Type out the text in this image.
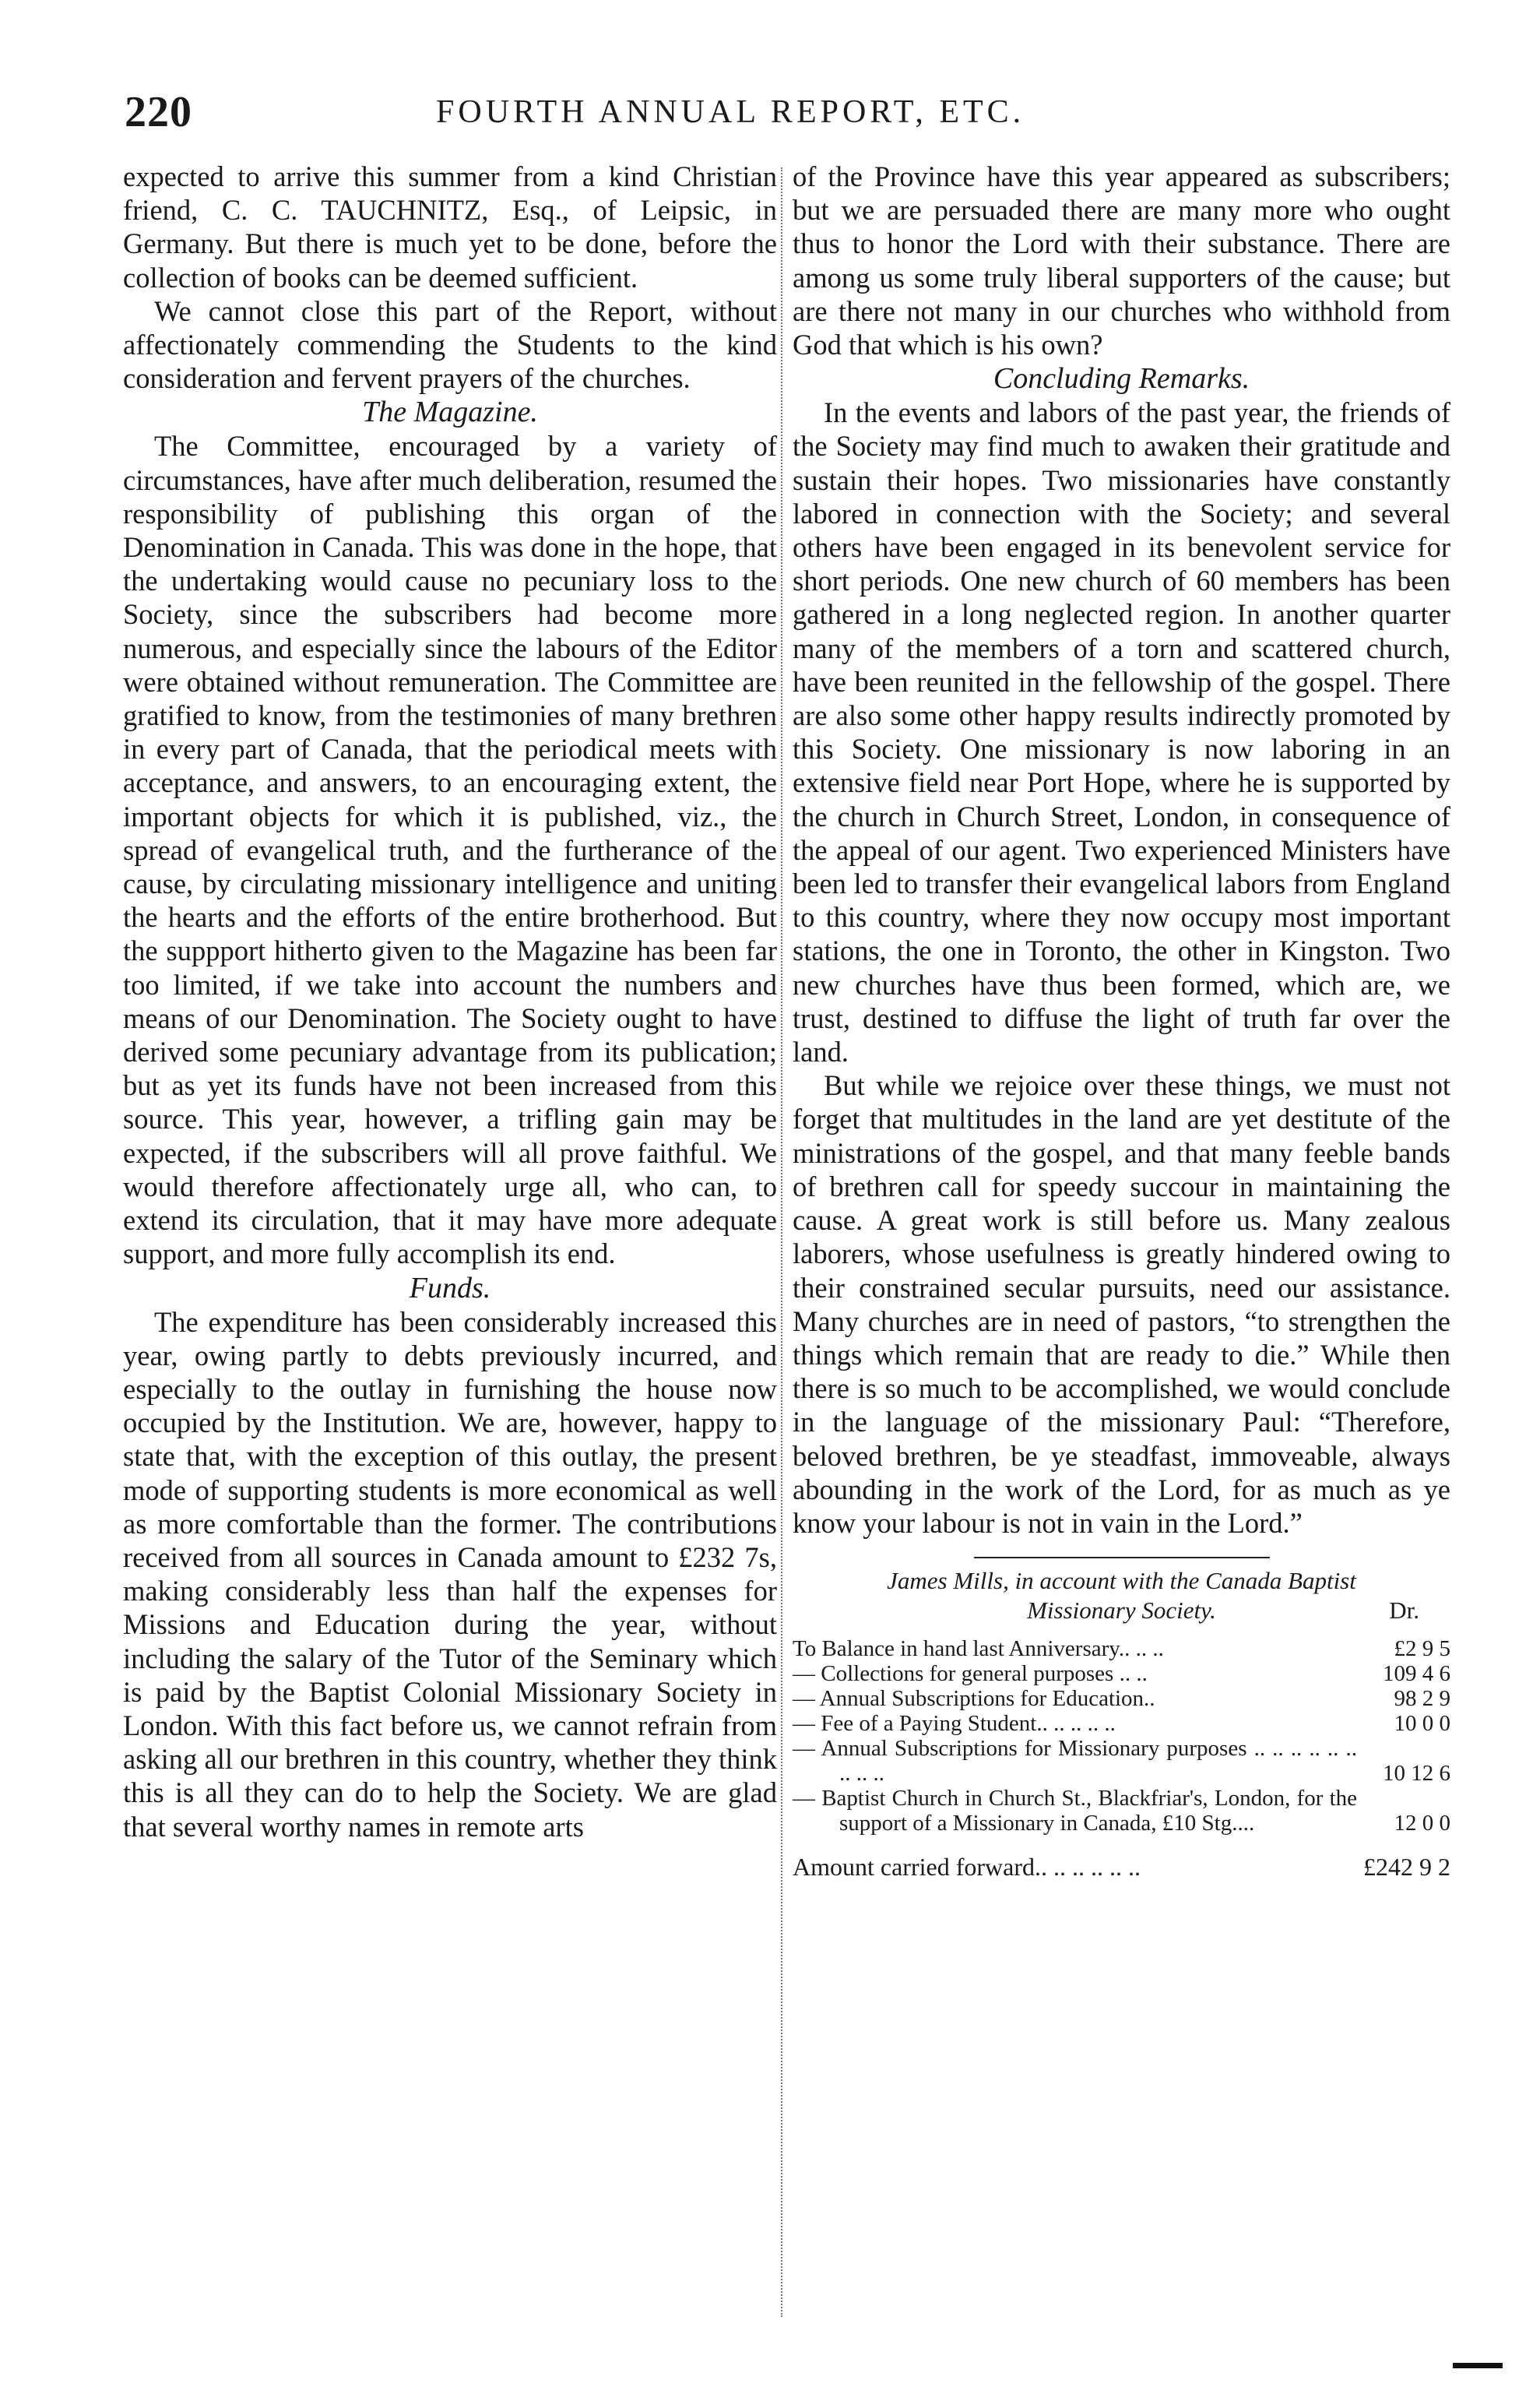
220	FOURTH ANNUAL REPORT, ETC.

expected to arrive this summer from a kind Christian friend, C. C. TAUCHNITZ, Esq., of Leipsic, in Germany. But there is much yet to be done, before the collection of books can be deemed sufficient.

We cannot close this part of the Report, without affectionately commending the Students to the kind consideration and fervent prayers of the churches.

The Magazine.

The Committee, encouraged by a variety of circumstances, have after much deliberation, resumed the responsibility of publishing this organ of the Denomination in Canada. This was done in the hope, that the undertaking would cause no pecuniary loss to the Society, since the subscribers had become more numerous, and especially since the labours of the Editor were obtained without remuneration. The Committee are gratified to know, from the testimonies of many brethren in every part of Canada, that the periodical meets with acceptance, and answers, to an encouraging extent, the important objects for which it is published, viz., the spread of evangelical truth, and the furtherance of the cause, by circulating missionary intelligence and uniting the hearts and the efforts of the entire brotherhood. But the suppport hitherto given to the Magazine has been far too limited, if we take into account the numbers and means of our Denomination. The Society ought to have derived some pecuniary advantage from its publication; but as yet its funds have not been increased from this source. This year, however, a trifling gain may be expected, if the subscribers will all prove faithful. We would therefore affectionately urge all, who can, to extend its circulation, that it may have more adequate support, and more fully accomplish its end.

Funds.

The expenditure has been considerably increased this year, owing partly to debts previously incurred, and especially to the outlay in furnishing the house now occupied by the Institution. We are, however, happy to state that, with the exception of this outlay, the present mode of supporting students is more economical as well as more comfortable than the former. The contributions received from all sources in Canada amount to £232 7s, making considerably less than half the expenses for Missions and Education during the year, without including the salary of the Tutor of the Seminary which is paid by the Baptist Colonial Missionary Society in London. With this fact before us, we cannot refrain from asking all our brethren in this country, whether they think this is all they can do to help the Society. We are glad that several worthy names in remote arts

of the Province have this year appeared as subscribers; but we are persuaded there are many more who ought thus to honor the Lord with their substance. There are among us some truly liberal supporters of the cause; but are there not many in our churches who withhold from God that which is his own?

Concluding Remarks.

In the events and labors of the past year, the friends of the Society may find much to awaken their gratitude and sustain their hopes. Two missionaries have constantly labored in connection with the Society; and several others have been engaged in its benevolent service for short periods. One new church of 60 members has been gathered in a long neglected region. In another quarter many of the members of a torn and scattered church, have been reunited in the fellowship of the gospel. There are also some other happy results indirectly promoted by this Society. One missionary is now laboring in an extensive field near Port Hope, where he is supported by the church in Church Street, London, in consequence of the appeal of our agent. Two experienced Ministers have been led to transfer their evangelical labors from England to this country, where they now occupy most important stations, the one in Toronto, the other in Kingston. Two new churches have thus been formed, which are, we trust, destined to diffuse the light of truth far over the land.

But while we rejoice over these things, we must not forget that multitudes in the land are yet destitute of the ministrations of the gospel, and that many feeble bands of brethren call for speedy succour in maintaining the cause. A great work is still before us. Many zealous laborers, whose usefulness is greatly hindered owing to their constrained secular pursuits, need our assistance. Many churches are in need of pastors, “to strengthen the things which remain that are ready to die.” While then there is so much to be accomplished, we would conclude in the language of the missionary Paul: “Therefore, beloved brethren, be ye steadfast, immoveable, always abounding in the work of the Lord, for as much as ye know your labour is not in vain in the Lord.”

James Mills, in account with the Canada Baptist
Missionary Society.	Dr.
To Balance in hand last Anniversary.. .. ..	£2 9 5
— Collections for general purposes .. ..	109 4 6
— Annual Subscriptions for Education..	98 2 9
— Fee of a Paying Student.. .. .. .. ..	10 0 0
— Annual Subscriptions for Missionary purposes .. .. .. .. .. .. .. .. ..	10 12 6
— Baptist Church in Church St., Blackfriar's, London, for the support of a Missionary in Canada, £10 Stg....	12 0 0
Amount carried forward.. .. .. .. .. ..	£242 9 2
